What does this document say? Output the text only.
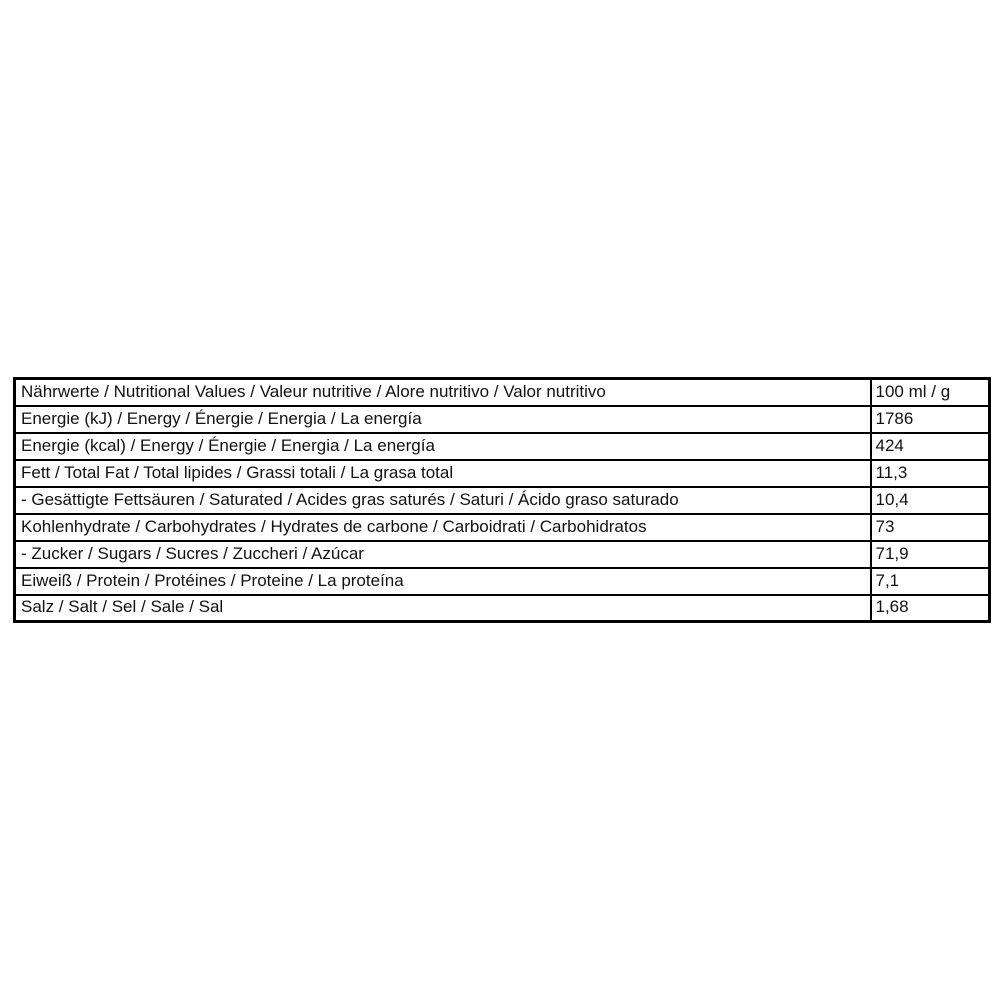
Nährwerte / Nutritional Values / Valeur nutritive / Alore nutritivo / Valor nutritivo	100 ml / g
Energie (kJ) / Energy / Énergie / Energia / La energía	1786
Energie (kcal) / Energy / Énergie / Energia / La energía	424
Fett / Total Fat / Total lipides / Grassi totali / La grasa total	11,3
- Gesättigte Fettsäuren / Saturated / Acides gras saturés / Saturi / Ácido graso saturado	10,4
Kohlenhydrate / Carbohydrates / Hydrates de carbone / Carboidrati / Carbohidratos	73
- Zucker / Sugars / Sucres / Zuccheri / Azúcar	71,9
Eiweiß / Protein / Protéines / Proteine / La proteína	7,1
Salz / Salt / Sel / Sale / Sal	1,68
